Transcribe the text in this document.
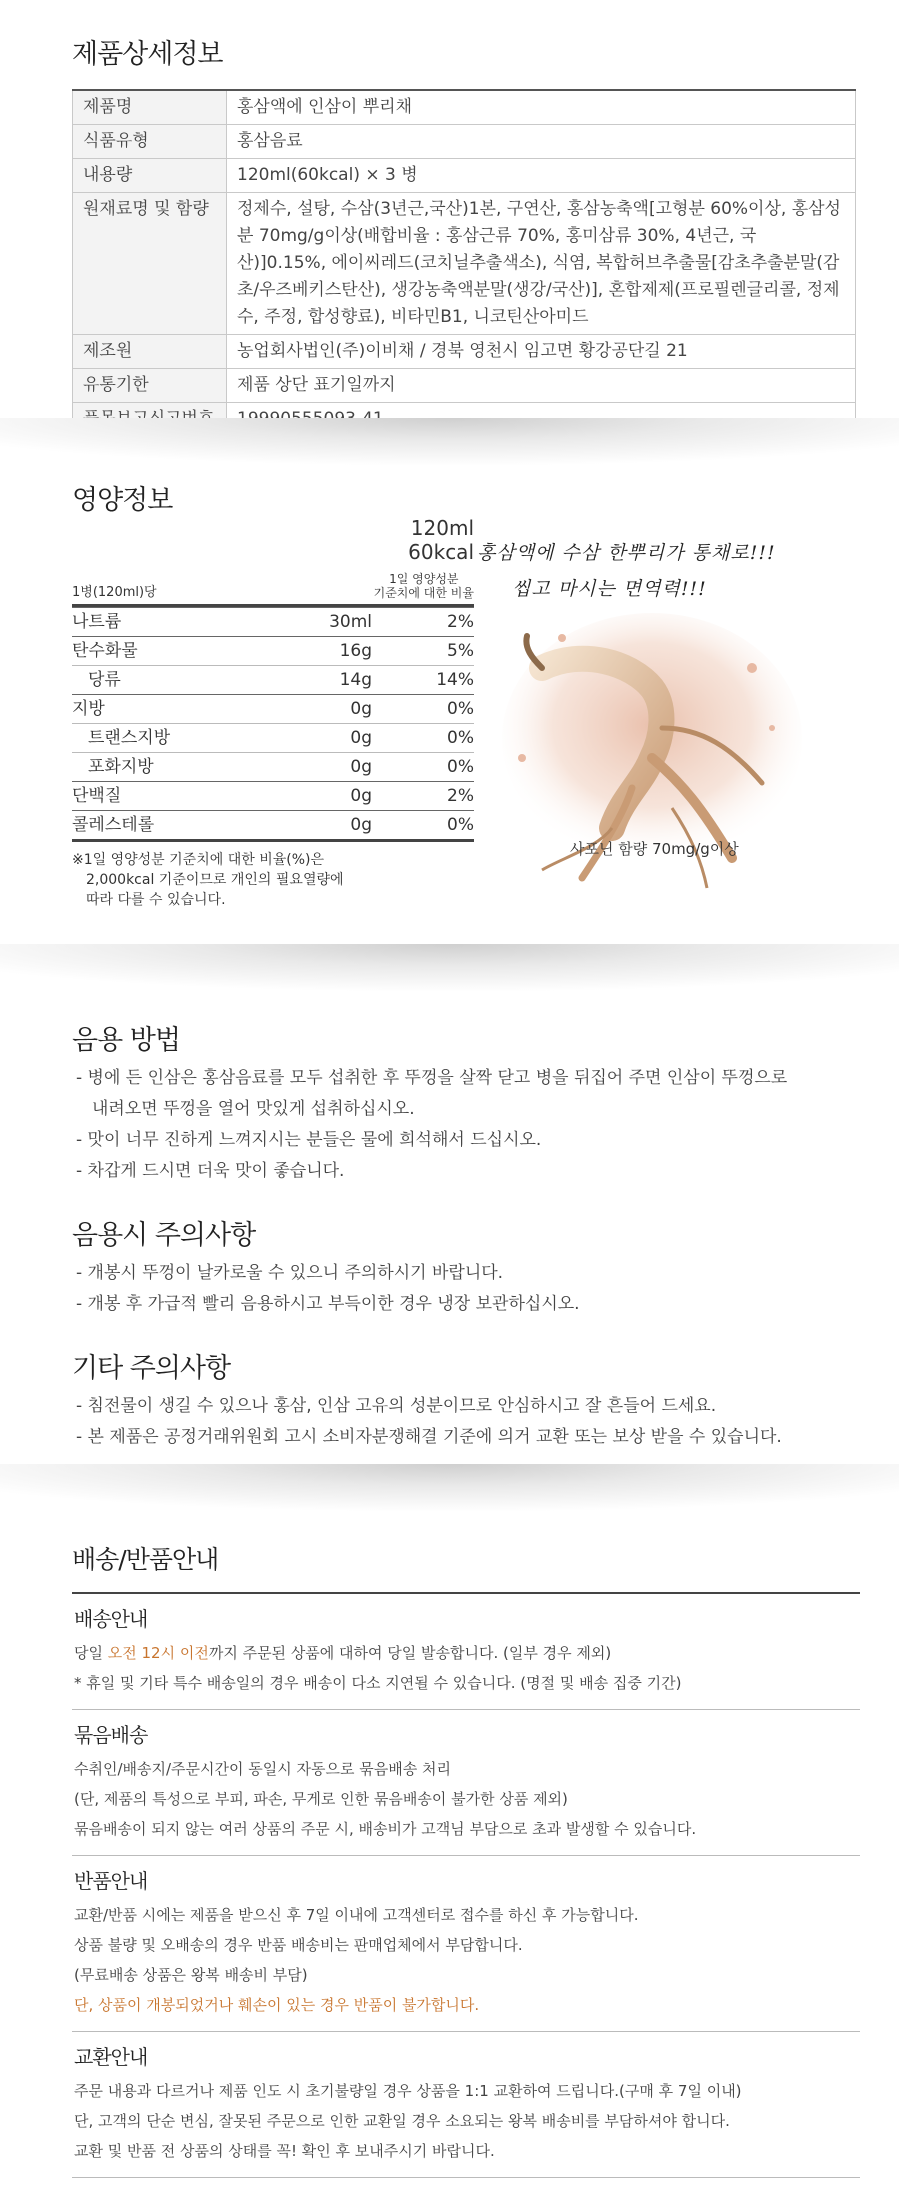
제품상세정보
제품명	홍삼액에 인삼이 뿌리채
식품유형	홍삼음료
내용량	120ml(60kcal) × 3 병
원재료명 및 함량	정제수, 설탕, 수삼(3년근,국산)1본, 구연산, 홍삼농축액[고형분 60%이상, 홍삼성분 70mg/g이상(배합비율 : 홍삼근류 70%, 홍미삼류 30%, 4년근, 국산)]0.15%, 에이씨레드(코치닐추출색소), 식염, 복합허브추출물[감초추출분말(감초/우즈베키스탄산), 생강농축액분말(생강/국산)], 혼합제제(프로필렌글리콜, 정제수, 주정, 합성향료), 비타민B1, 니코틴산아미드
제조원	농업회사법인(주)이비채 / 경북 영천시 임고면 황강공단길 21
유통기한	제품 상단 표기일까지

영양정보
120ml
60kcal
1병(120ml)당
1일 영양성분
기준치에 대한 비율
나트륨	30ml	2%
탄수화물	16g	5%
당류	14g	14%
지방	0g	0%
트랜스지방	0g	0%
포화지방	0g	0%
단백질	0g	2%
콜레스테롤	0g	0%
※1일 영양성분 기준치에 대한 비율(%)은
2,000kcal 기준이므로 개인의 필요열량에
따라 다를 수 있습니다.
홍삼액에 수삼 한뿌리가 통채로!!!
씹고 마시는 면역력!!!
사포닌 함량 70mg/g이상
음용 방법
- 병에 든 인삼은 홍삼음료를 모두 섭취한 후 뚜껑을 살짝 닫고 병을 뒤집어 주면 인삼이 뚜껑으로
내려오면 뚜껑을 열어 맛있게 섭취하십시오.
- 맛이 너무 진하게 느껴지시는 분들은 물에 희석해서 드십시오.
- 차갑게 드시면 더욱 맛이 좋습니다.
음용시 주의사항
- 개봉시 뚜껑이 날카로울 수 있으니 주의하시기 바랍니다.
- 개봉 후 가급적 빨리 음용하시고 부득이한 경우 냉장 보관하십시오.
기타 주의사항
- 침전물이 생길 수 있으나 홍삼, 인삼 고유의 성분이므로 안심하시고 잘 흔들어 드세요.
- 본 제품은 공정거래위원회 고시 소비자분쟁해결 기준에 의거 교환 또는 보상 받을 수 있습니다.
배송/반품안내
배송안내
당일 오전 12시 이전까지 주문된 상품에 대하여 당일 발송합니다. (일부 경우 제외)
* 휴일 및 기타 특수 배송일의 경우 배송이 다소 지연될 수 있습니다. (명절 및 배송 집중 기간)
묶음배송
수취인/배송지/주문시간이 동일시 자동으로 묶음배송 처리
(단, 제품의 특성으로 부피, 파손, 무게로 인한 묶음배송이 불가한 상품 제외)
묶음배송이 되지 않는 여러 상품의 주문 시, 배송비가 고객님 부담으로 초과 발생할 수 있습니다.
반품안내
교환/반품 시에는 제품을 받으신 후 7일 이내에 고객센터로 접수를 하신 후 가능합니다.
상품 불량 및 오배송의 경우 반품 배송비는 판매업체에서 부담합니다.
(무료배송 상품은 왕복 배송비 부담)
단, 상품이 개봉되었거나 훼손이 있는 경우 반품이 불가합니다.
교환안내
주문 내용과 다르거나 제품 인도 시 초기불량일 경우 상품을 1:1 교환하여 드립니다.(구매 후 7일 이내)
단, 고객의 단순 변심, 잘못된 주문으로 인한 교환일 경우 소요되는 왕복 배송비를 부담하셔야 합니다.
교환 및 반품 전 상품의 상태를 꼭! 확인 후 보내주시기 바랍니다.
